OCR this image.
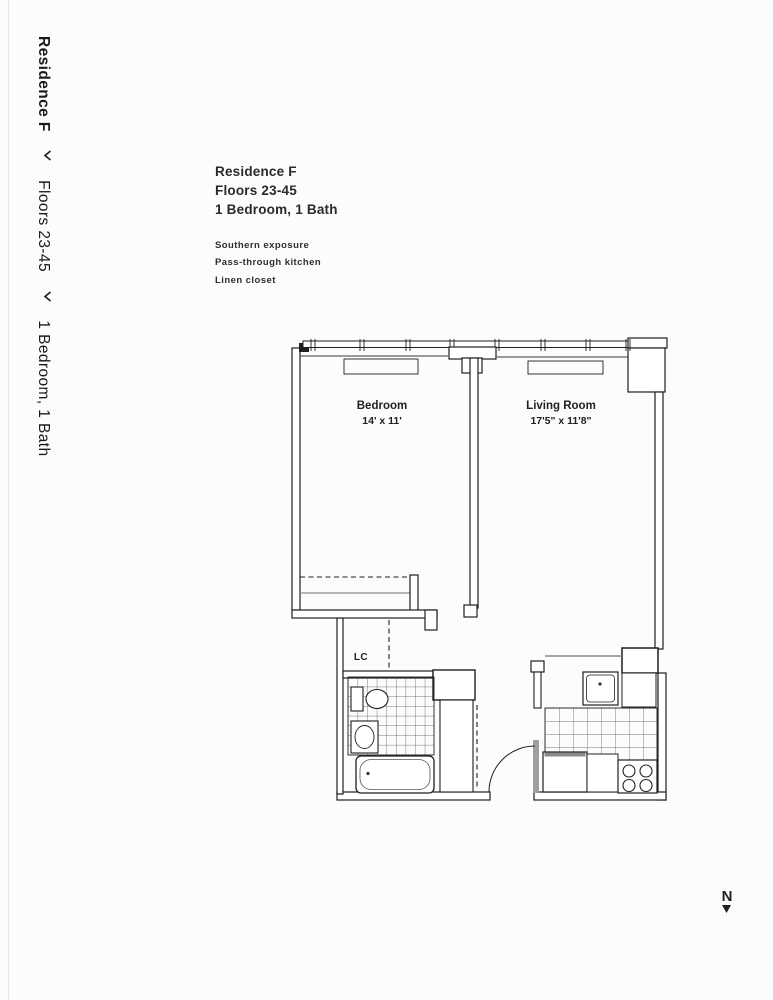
Residence F  Floors 23-45  1 Bedroom, 1 Bath
Residence F
Floors 23-45
1 Bedroom, 1 Bath
Southern exposure
Pass-through kitchen
Linen closet
Bedroom
14' x 11'
Living Room
17'5" x 11'8"
LC
N
